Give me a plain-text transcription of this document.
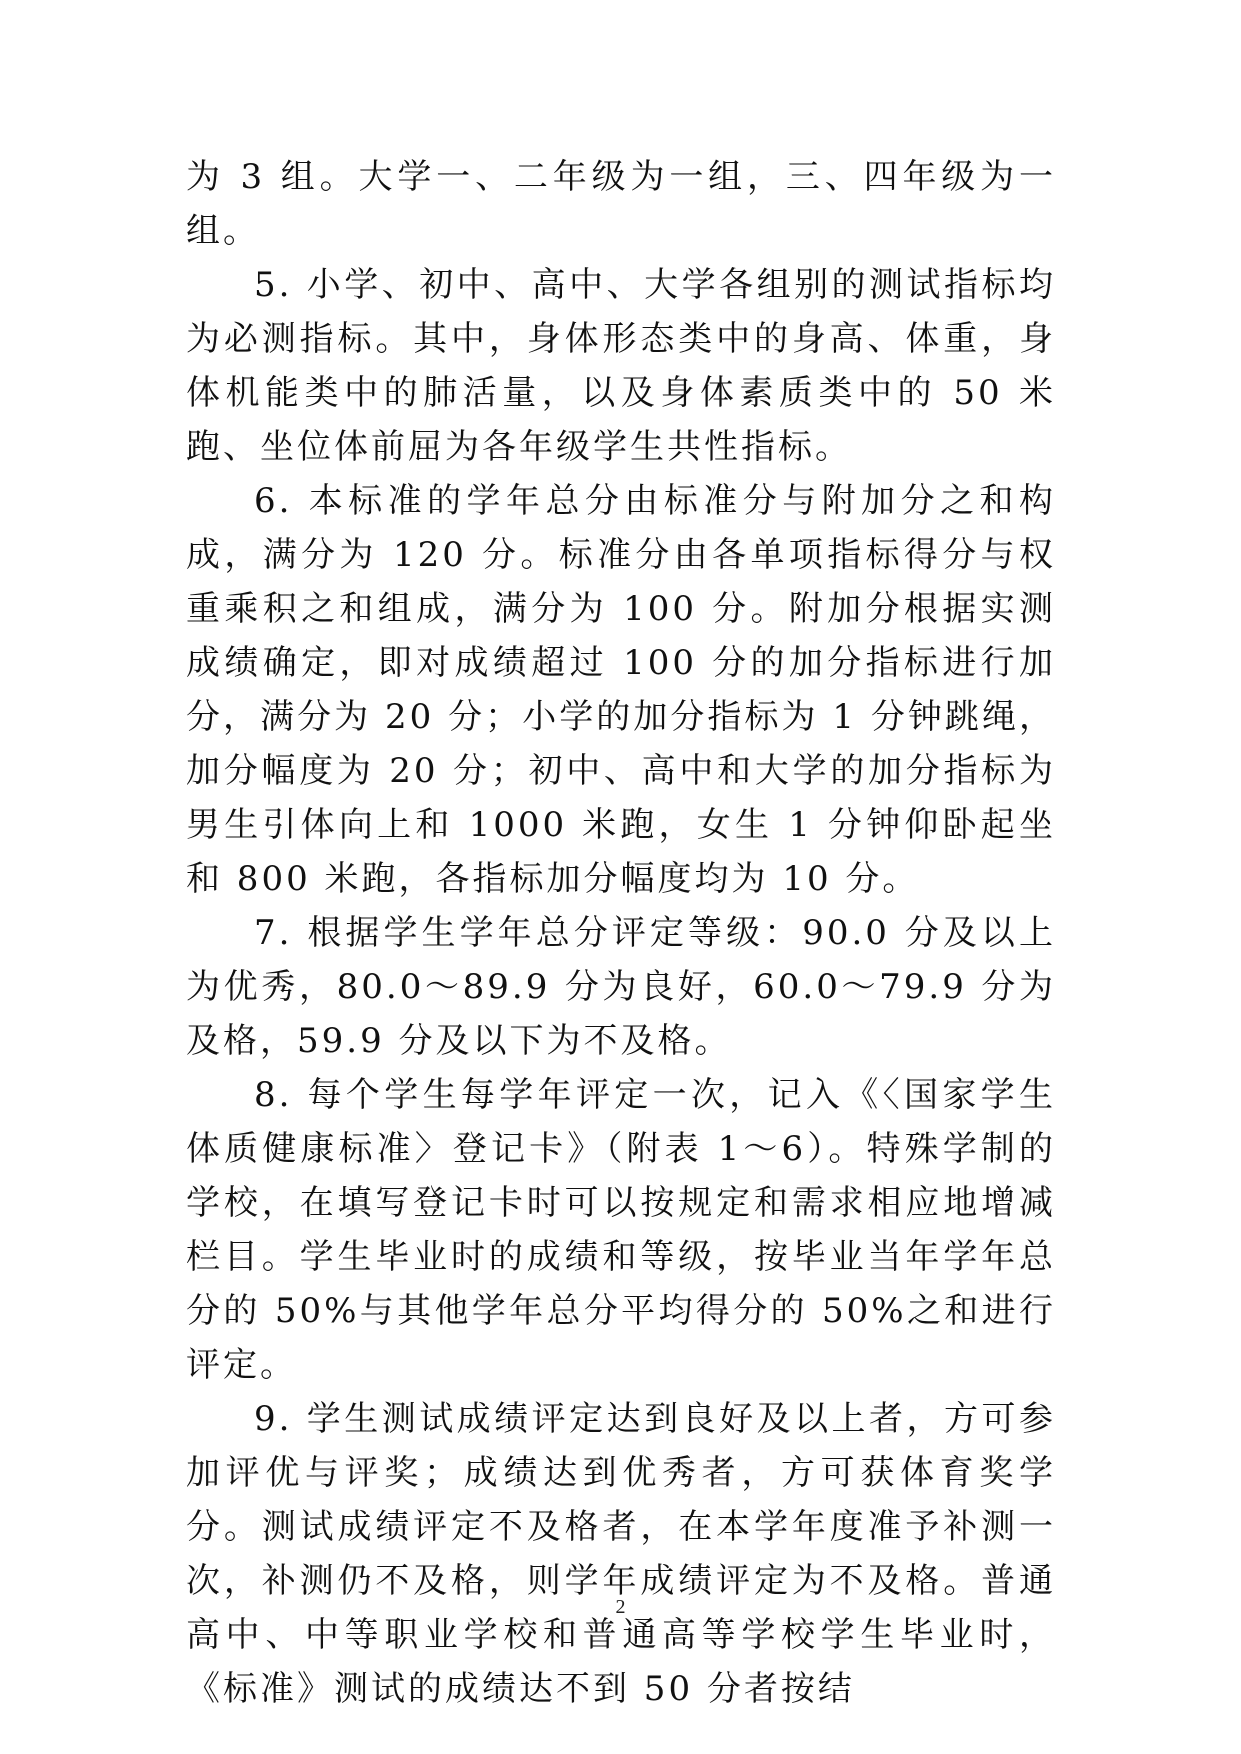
为 3 组。大学一、二年级为一组，三、四年级为一组。

5. 小学、初中、高中、大学各组别的测试指标均为必测指标。其中，身体形态类中的身高、体重，身体机能类中的肺活量，以及身体素质类中的 50 米跑、坐位体前屈为各年级学生共性指标。

6. 本标准的学年总分由标准分与附加分之和构成，满分为 120 分。标准分由各单项指标得分与权重乘积之和组成，满分为 100 分。附加分根据实测成绩确定，即对成绩超过 100 分的加分指标进行加分，满分为 20 分；小学的加分指标为 1 分钟跳绳，加分幅度为 20 分；初中、高中和大学的加分指标为男生引体向上和 1000 米跑，女生 1 分钟仰卧起坐和 800 米跑，各指标加分幅度均为 10 分。

7. 根据学生学年总分评定等级：90.0 分及以上为优秀，80.0～89.9 分为良好，60.0～79.9 分为及格，59.9 分及以下为不及格。

8. 每个学生每学年评定一次，记入《〈国家学生体质健康标准〉登记卡》（附表 1～6）。特殊学制的学校，在填写登记卡时可以按规定和需求相应地增减栏目。学生毕业时的成绩和等级，按毕业当年学年总分的 50%与其他学年总分平均得分的 50%之和进行评定。

9. 学生测试成绩评定达到良好及以上者，方可参加评优与评奖；成绩达到优秀者，方可获体育奖学分。测试成绩评定不及格者，在本学年度准予补测一次，补测仍不及格，则学年成绩评定为不及格。普通高中、中等职业学校和普通高等学校学生毕业时，《标准》测试的成绩达不到 50 分者按结

2
